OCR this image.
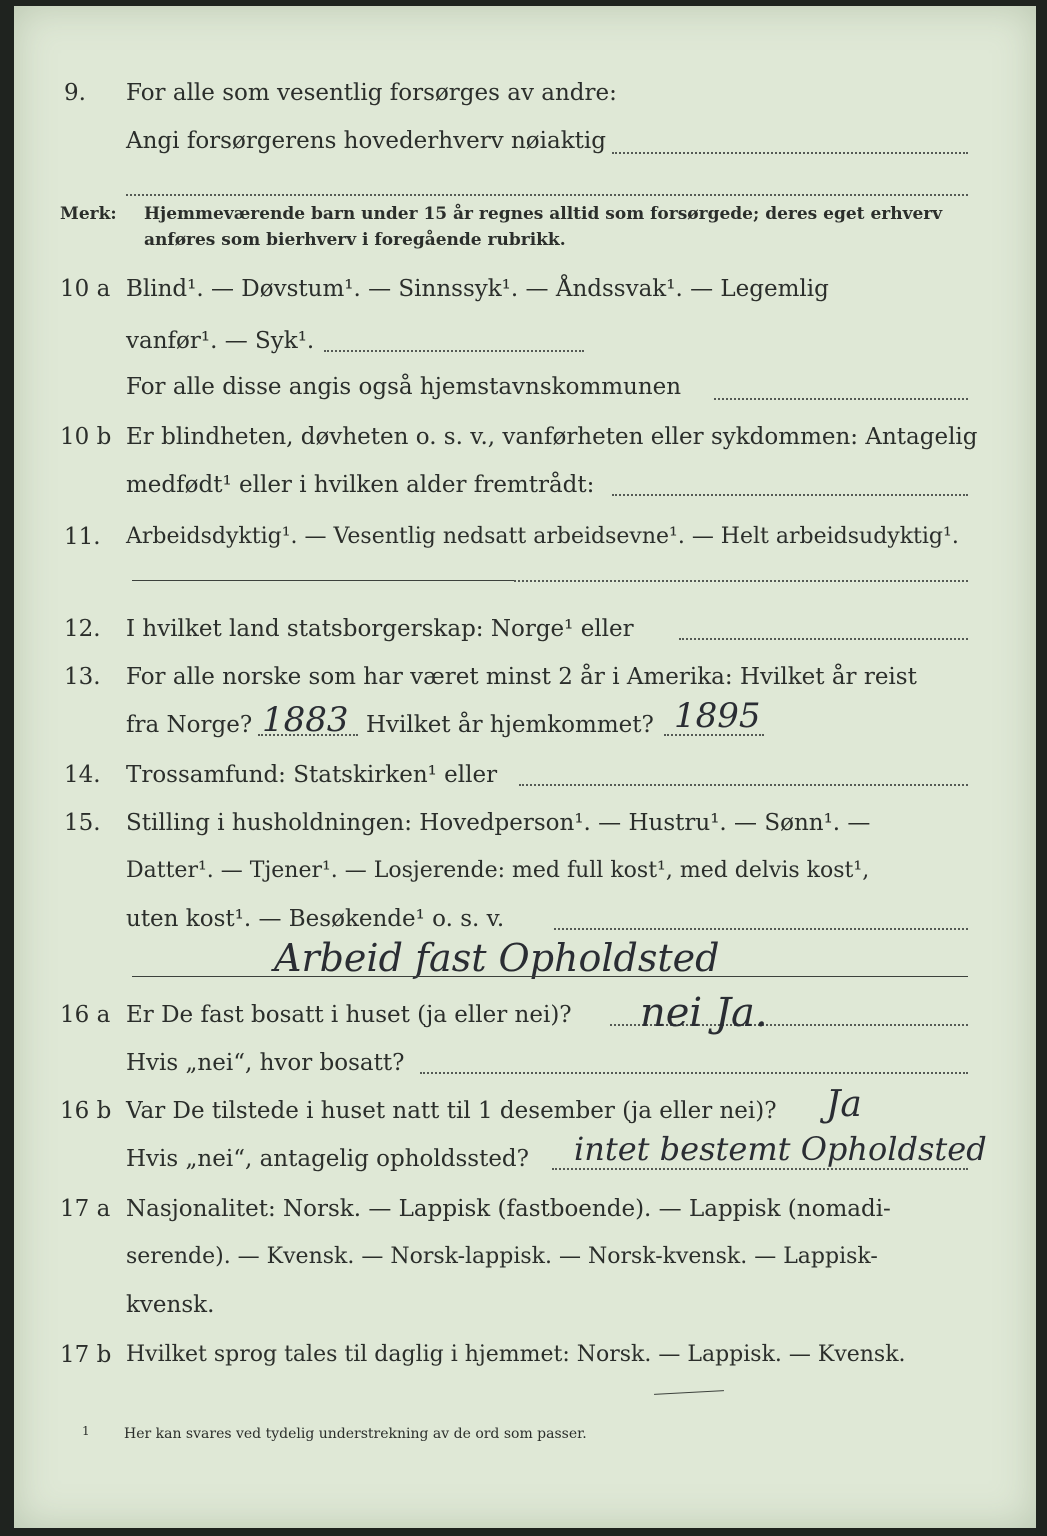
9. For alle som vesentlig forsørges av andre:
Angi forsørgerens hovederhverv nøiaktig
Merk: Hjemmeværende barn under 15 år regnes alltid som forsørgede; deres eget erhverv
anføres som bierhverv i foregående rubrikk.
10 a Blind¹. — Døvstum¹. — Sinnssyk¹. — Åndssvak¹. — Legemlig
vanfør¹. — Syk¹.
For alle disse angis også hjemstavnskommunen
10 b Er blindheten, døvheten o. s. v., vanførheten eller sykdommen: Antagelig
medfødt¹ eller i hvilken alder fremtrådt:
11. Arbeidsdyktig¹. — Vesentlig nedsatt arbeidsevne¹. — Helt arbeidsudyktig¹.
12. I hvilket land statsborgerskap: Norge¹ eller
13. For alle norske som har været minst 2 år i Amerika: Hvilket år reist
fra Norge? 1883 Hvilket år hjemkommet? 1895
14. Trossamfund: Statskirken¹ eller
15. Stilling i husholdningen: Hovedperson¹. — Hustru¹. — Sønn¹. —
Datter¹. — Tjener¹. — Losjerende: med full kost¹, med delvis kost¹,
uten kost¹. — Besøkende¹ o. s. v.
Arbeid fast Opholdsted
16 a Er De fast bosatt i huset (ja eller nei)? nei Ja.
Hvis „nei“, hvor bosatt?
16 b Var De tilstede i huset natt til 1 desember (ja eller nei)? Ja
Hvis „nei“, antagelig opholdssted? intet bestemt Opholdsted
17 a Nasjonalitet: Norsk. — Lappisk (fastboende). — Lappisk (nomadi-
serende). — Kvensk. — Norsk-lappisk. — Norsk-kvensk. — Lappisk-
kvensk.
17 b Hvilket sprog tales til daglig i hjemmet: Norsk. — Lappisk. — Kvensk.
1 Her kan svares ved tydelig understrekning av de ord som passer.
